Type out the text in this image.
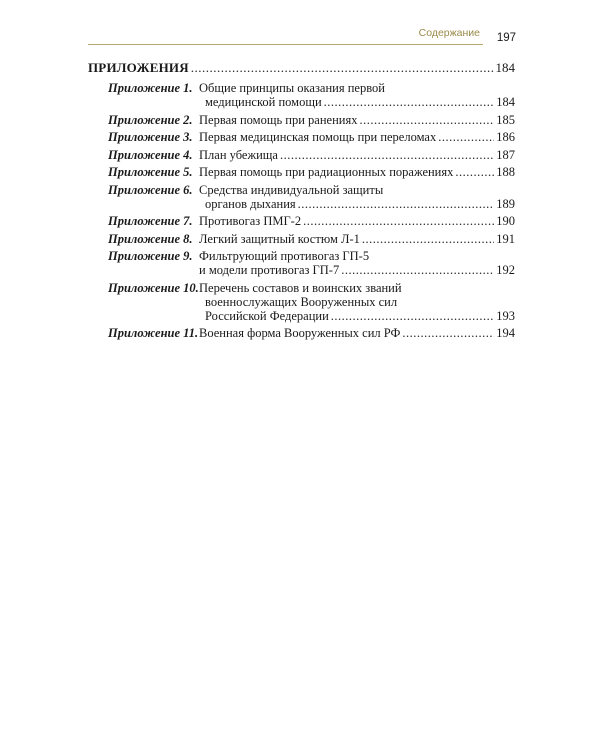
Содержание 197
ПРИЛОЖЕНИЯ .....	184
Приложение 1. Общие принципы оказания первой
медицинской помощи .....	184
Приложение 2. Первая помощь при ранениях .....	185
Приложение 3. Первая медицинская помощь при переломах .....	186
Приложение 4. План убежища .....	187
Приложение 5. Первая помощь при радиационных поражениях .....	188
Приложение 6. Средства индивидуальной защиты
органов дыхания .....	189
Приложение 7. Противогаз ПМГ-2 .....	190
Приложение 8. Легкий защитный костюм Л-1 .....	191
Приложение 9. Фильтрующий противогаз ГП-5
и модели противогаз ГП-7 .....	192
Приложение 10. Перечень составов и воинских званий
военнослужащих Вооруженных сил
Российской Федерации .....	193
Приложение 11. Военная форма Вооруженных сил РФ .....	194
